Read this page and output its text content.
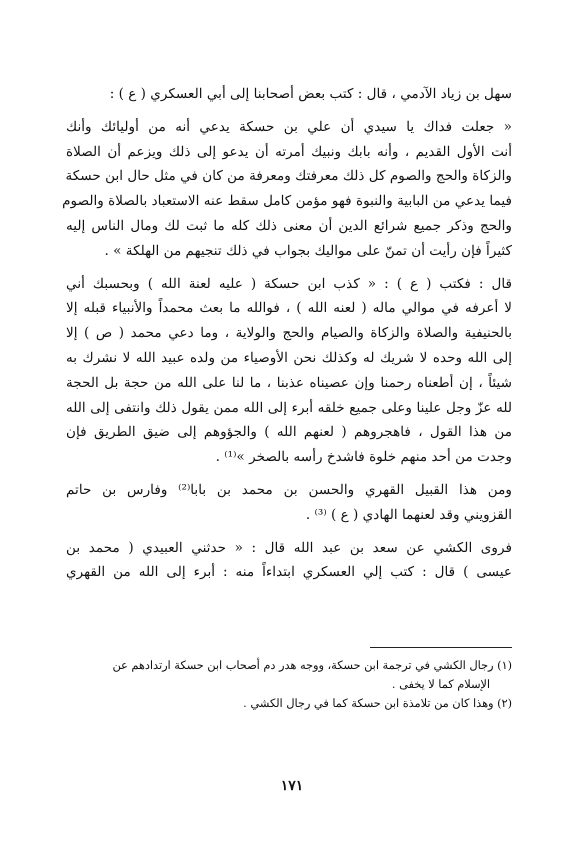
سهل بن زياد الآدمي ، قال : كتب بعض أصحابنا إلى أبي العسكري ( ع ) :
« جعلت فداك يا سيدي أن علي بن حسكة يدعي أنه من أوليائك وأنك
أنت الأول القديم ، وأنه بابك ونبيك أمرته أن يدعو إلى ذلك ويزعم أن الصلاة
والزكاة والحج والصوم كل ذلك معرفتك ومعرفة من كان في مثل حال ابن حسكة
فيما يدعي من البابية والنبوة فهو مؤمن كامل سقط عنه الاستعباد بالصلاة والصوم
والحج وذكر جميع شرائع الدين أن معنى ذلك كله ما ثبت لك ومال الناس إليه
كثيراً فإن رأيت أن تمنّ على مواليك بجواب في ذلك تنجيهم من الهلكة » .
قال : فكتب ( ع ) : « كذب ابن حسكة ( عليه لعنة الله ) وبحسبك أني
لا أعرفه في موالي ماله ( لعنه الله ) ، فوالله ما بعث محمداً والأنبياء قبله إلا
بالحنيفية والصلاة والزكاة والصيام والحج والولاية ، وما دعي محمد ( ص ) إلا
إلى الله وحده لا شريك له وكذلك نحن الأوصياء من ولده عبيد الله لا نشرك به
شيئاً ، إن أطعناه رحمنا وإن عصيناه عذبنا ، ما لنا على الله من حجة بل الحجة
لله عزّ وجل علينا وعلى جميع خلقه أبرء إلى الله ممن يقول ذلك وانتفى إلى الله
من هذا القول ، فاهجروهم ( لعنهم الله ) والجؤوهم إلى ضيق الطريق فإن
وجدت من أحد منهم خلوة فاشدخ رأسه بالصخر »⁽¹⁾ .
ومن هذا القبيل القهري والحسن بن محمد بن بابا⁽²⁾ وفارس بن حاتم
القزويني وقد لعنهما الهادي ( ع ) ⁽³⁾ .
فروى الكشي عن سعد بن عبد الله قال : « حدثني العبيدي ( محمد بن
عيسى ) قال : كتب إلي العسكري ابتداءاً منه : أبرء إلى الله من القهري
(١) رجال الكشي في ترجمة ابن حسكة، ووجه هدر دم أصحاب ابن حسكة ارتدادهم عن
الإسلام كما لا يخفى .
(٢) وهذا كان من تلامذة ابن حسكة كما في رجال الكشي .
١٧١
